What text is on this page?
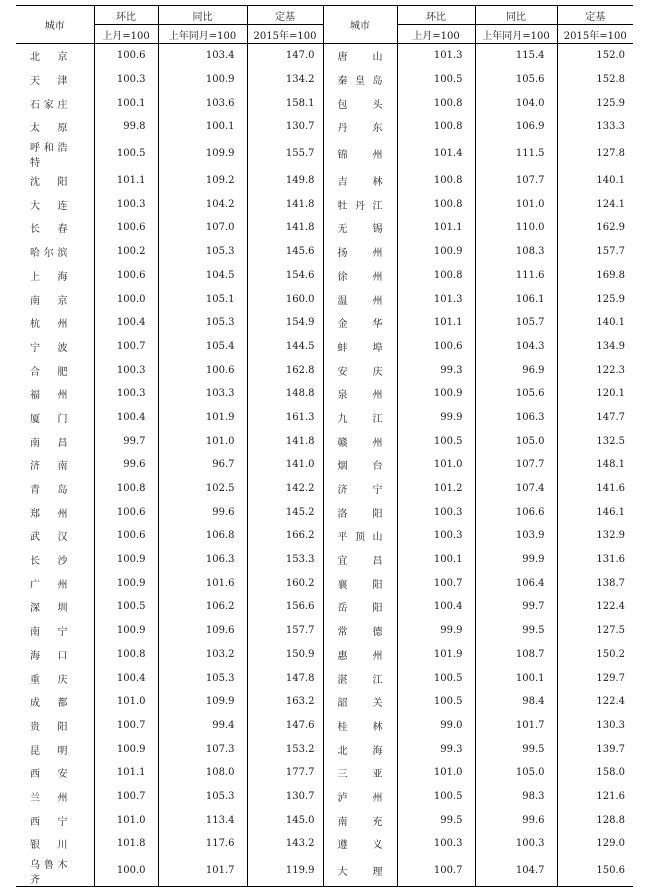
城市	环比	同比	定基	城市	环比	同比	定基
	上月=100	上年同月=100	2015年=100		上月=100	上年同月=100	2015年=100
北京	100.6	103.4	147.0	唐山	101.3	115.4	152.0
天津	100.3	100.9	134.2	秦皇岛	100.5	105.6	152.8
石家庄	100.1	103.6	158.1	包头	100.8	104.0	125.9
太原	99.8	100.1	130.7	丹东	100.8	106.9	133.3
呼和浩特	100.5	109.9	155.7	锦州	101.4	111.5	127.8
沈阳	101.1	109.2	149.8	吉林	100.8	107.7	140.1
大连	100.3	104.2	141.8	牡丹江	100.8	101.0	124.1
长春	100.6	107.0	141.8	无锡	101.1	110.0	162.9
哈尔滨	100.2	105.3	145.6	扬州	100.9	108.3	157.7
上海	100.6	104.5	154.6	徐州	100.8	111.6	169.8
南京	100.0	105.1	160.0	温州	101.3	106.1	125.9
杭州	100.4	105.3	154.9	金华	101.1	105.7	140.1
宁波	100.7	105.4	144.5	蚌埠	100.6	104.3	134.9
合肥	100.3	100.6	162.8	安庆	99.3	96.9	122.3
福州	100.3	103.3	148.8	泉州	100.9	105.6	120.1
厦门	100.4	101.9	161.3	九江	99.9	106.3	147.7
南昌	99.7	101.0	141.8	赣州	100.5	105.0	132.5
济南	99.6	96.7	141.0	烟台	101.0	107.7	148.1
青岛	100.8	102.5	142.2	济宁	101.2	107.4	141.6
郑州	100.6	99.6	145.2	洛阳	100.3	106.6	146.1
武汉	100.6	106.8	166.2	平顶山	100.3	103.9	132.9
长沙	100.9	106.3	153.3	宜昌	100.1	99.9	131.6
广州	100.9	101.6	160.2	襄阳	100.7	106.4	138.7
深圳	100.5	106.2	156.6	岳阳	100.4	99.7	122.4
南宁	100.9	109.6	157.7	常德	99.9	99.5	127.5
海口	100.8	103.2	150.9	惠州	101.9	108.7	150.2
重庆	100.4	105.3	147.8	湛江	100.5	100.1	129.7
成都	101.0	109.9	163.2	韶关	100.5	98.4	122.4
贵阳	100.7	99.4	147.6	桂林	99.0	101.7	130.3
昆明	100.9	107.3	153.2	北海	99.3	99.5	139.7
西安	101.1	108.0	177.7	三亚	101.0	105.0	158.0
兰州	100.7	105.3	130.7	泸州	100.5	98.3	121.6
西宁	101.0	113.4	145.0	南充	99.5	99.6	128.8
银川	101.8	117.6	143.2	遵义	100.3	100.3	129.0
乌鲁木齐	100.0	101.7	119.9	大理	100.7	104.7	150.6
